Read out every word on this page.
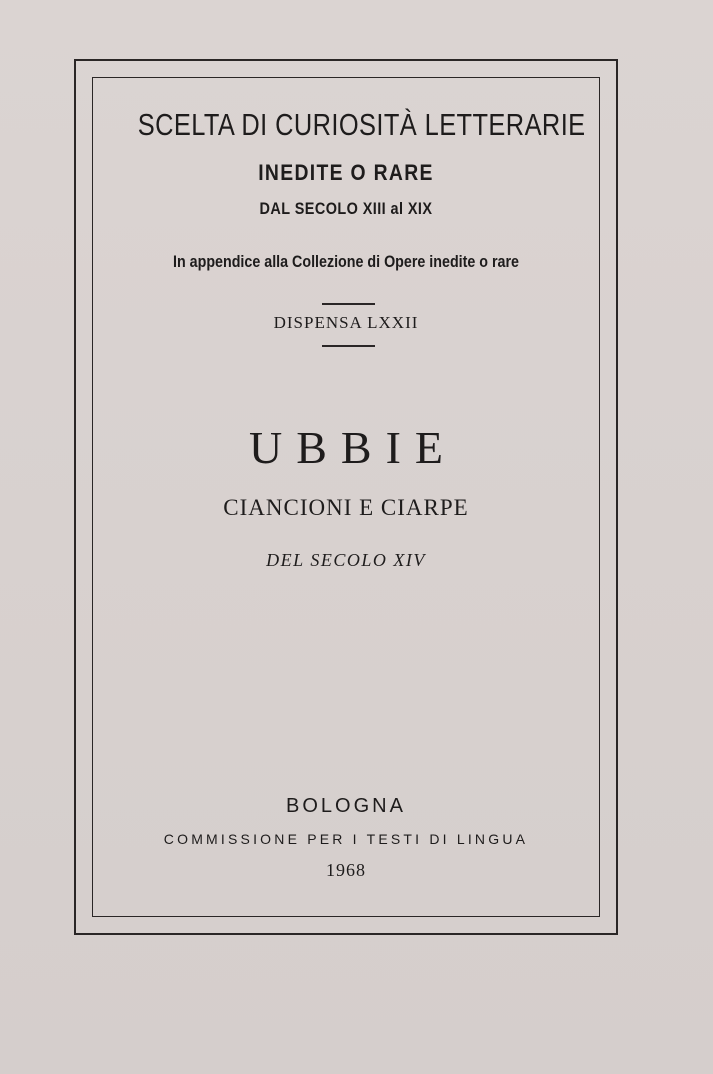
SCELTA DI CURIOSITÀ LETTERARIE
INEDITE O RARE
DAL SECOLO XIII al XIX
In appendice alla Collezione di Opere inedite o rare
DISPENSA LXXII
UBBIE
CIANCIONI E CIARPE
DEL SECOLO XIV
BOLOGNA
COMMISSIONE PER I TESTI DI LINGUA
1968
